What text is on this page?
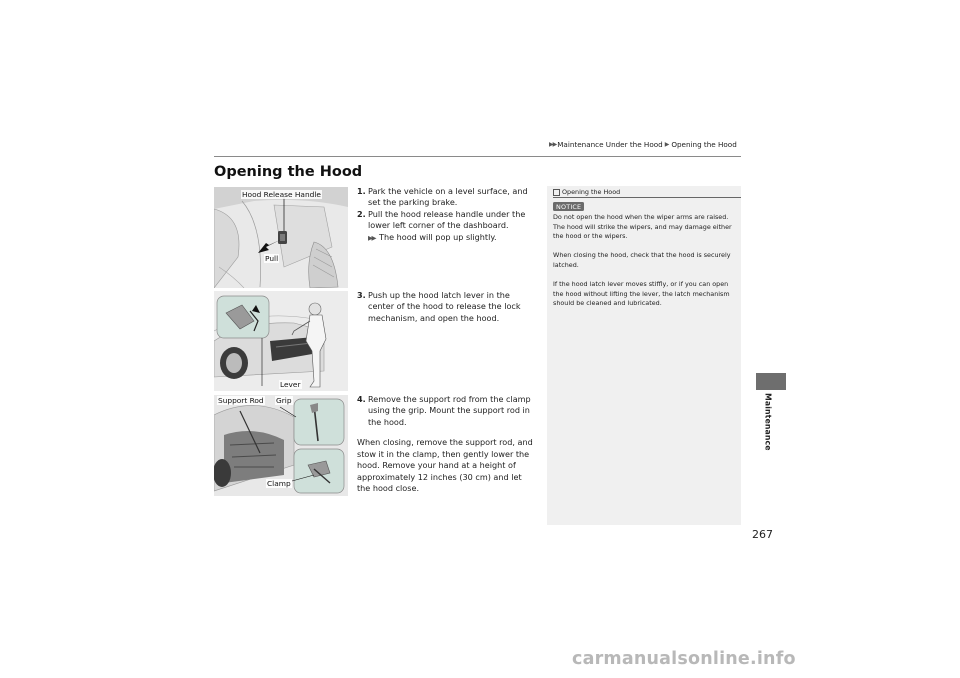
▶▶ Maintenance Under the Hood ▶ Opening the Hood
Opening the Hood
Hood Release Handle
Pull
Lever
Support Rod Grip
Clamp
1. Park the vehicle on a level surface, and set the parking brake.
2. Pull the hood release handle under the lower left corner of the dashboard.
▶▶ The hood will pop up slightly.
3. Push up the hood latch lever in the center of the hood to release the lock mechanism, and open the hood.
4. Remove the support rod from the clamp using the grip. Mount the support rod in the hood.
When closing, remove the support rod, and stow it in the clamp, then gently lower the hood. Remove your hand at a height of approximately 12 inches (30 cm) and let the hood close.
Opening the Hood
NOTICE

Do not open the hood when the wiper arms are raised.
The hood will strike the wipers, and may damage either the hood or the wipers.

When closing the hood, check that the hood is securely latched.

If the hood latch lever moves stiffly, or if you can open the hood without lifting the lever, the latch mechanism should be cleaned and lubricated.

Maintenance
267
carmanualsonline.info
